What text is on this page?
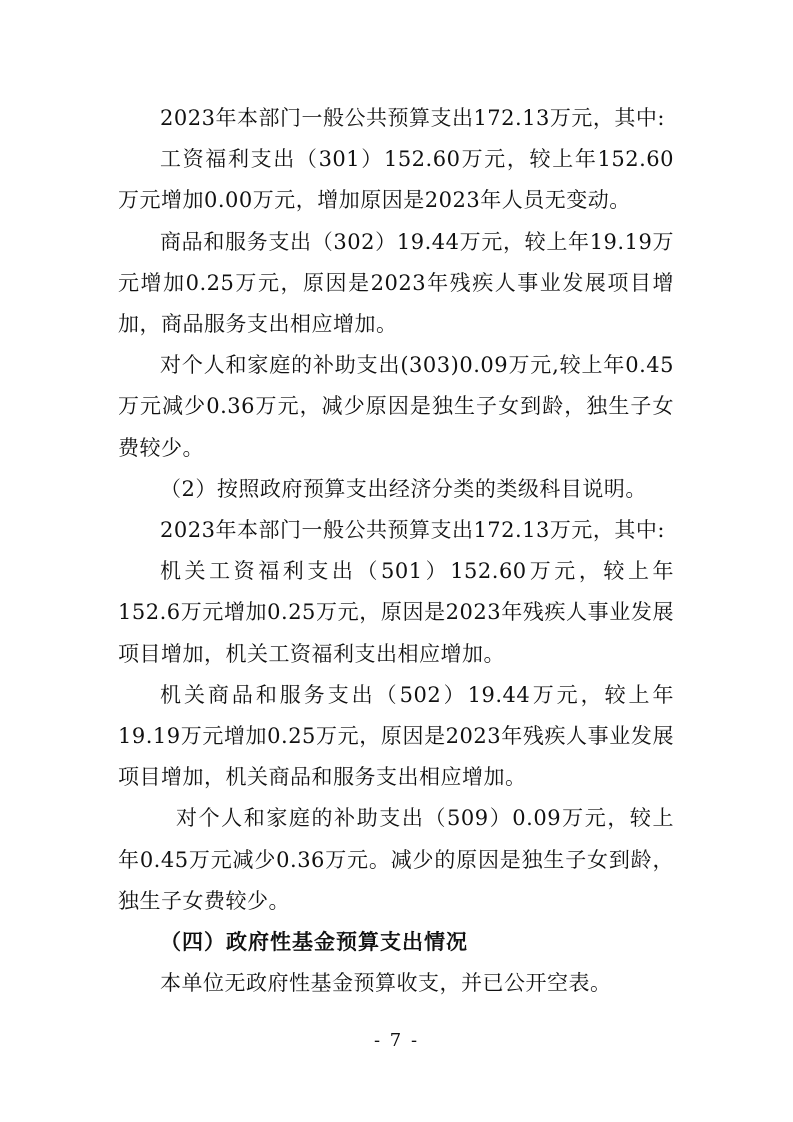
2023年本部门一般公共预算支出172.13万元，其中:

工资福利支出（301）152.60万元，较上年152.60万元增加0.00万元，增加原因是2023年人员无变动。

商品和服务支出（302）19.44万元，较上年19.19万元增加0.25万元，原因是2023年残疾人事业发展项目增加，商品服务支出相应增加。

对个人和家庭的补助支出(303)0.09万元,较上年0.45万元减少0.36万元，减少原因是独生子女到龄，独生子女费较少。

（2）按照政府预算支出经济分类的类级科目说明。

2023年本部门一般公共预算支出172.13万元，其中:

机关工资福利支出（501）152.60万元，较上年152.6万元增加0.25万元，原因是2023年残疾人事业发展项目增加，机关工资福利支出相应增加。

机关商品和服务支出（502）19.44万元，较上年19.19万元增加0.25万元，原因是2023年残疾人事业发展项目增加，机关商品和服务支出相应增加。

对个人和家庭的补助支出（509）0.09万元，较上年0.45万元减少0.36万元。减少的原因是独生子女到龄，独生子女费较少。

（四）政府性基金预算支出情况

本单位无政府性基金预算收支，并已公开空表。

- 7 -
